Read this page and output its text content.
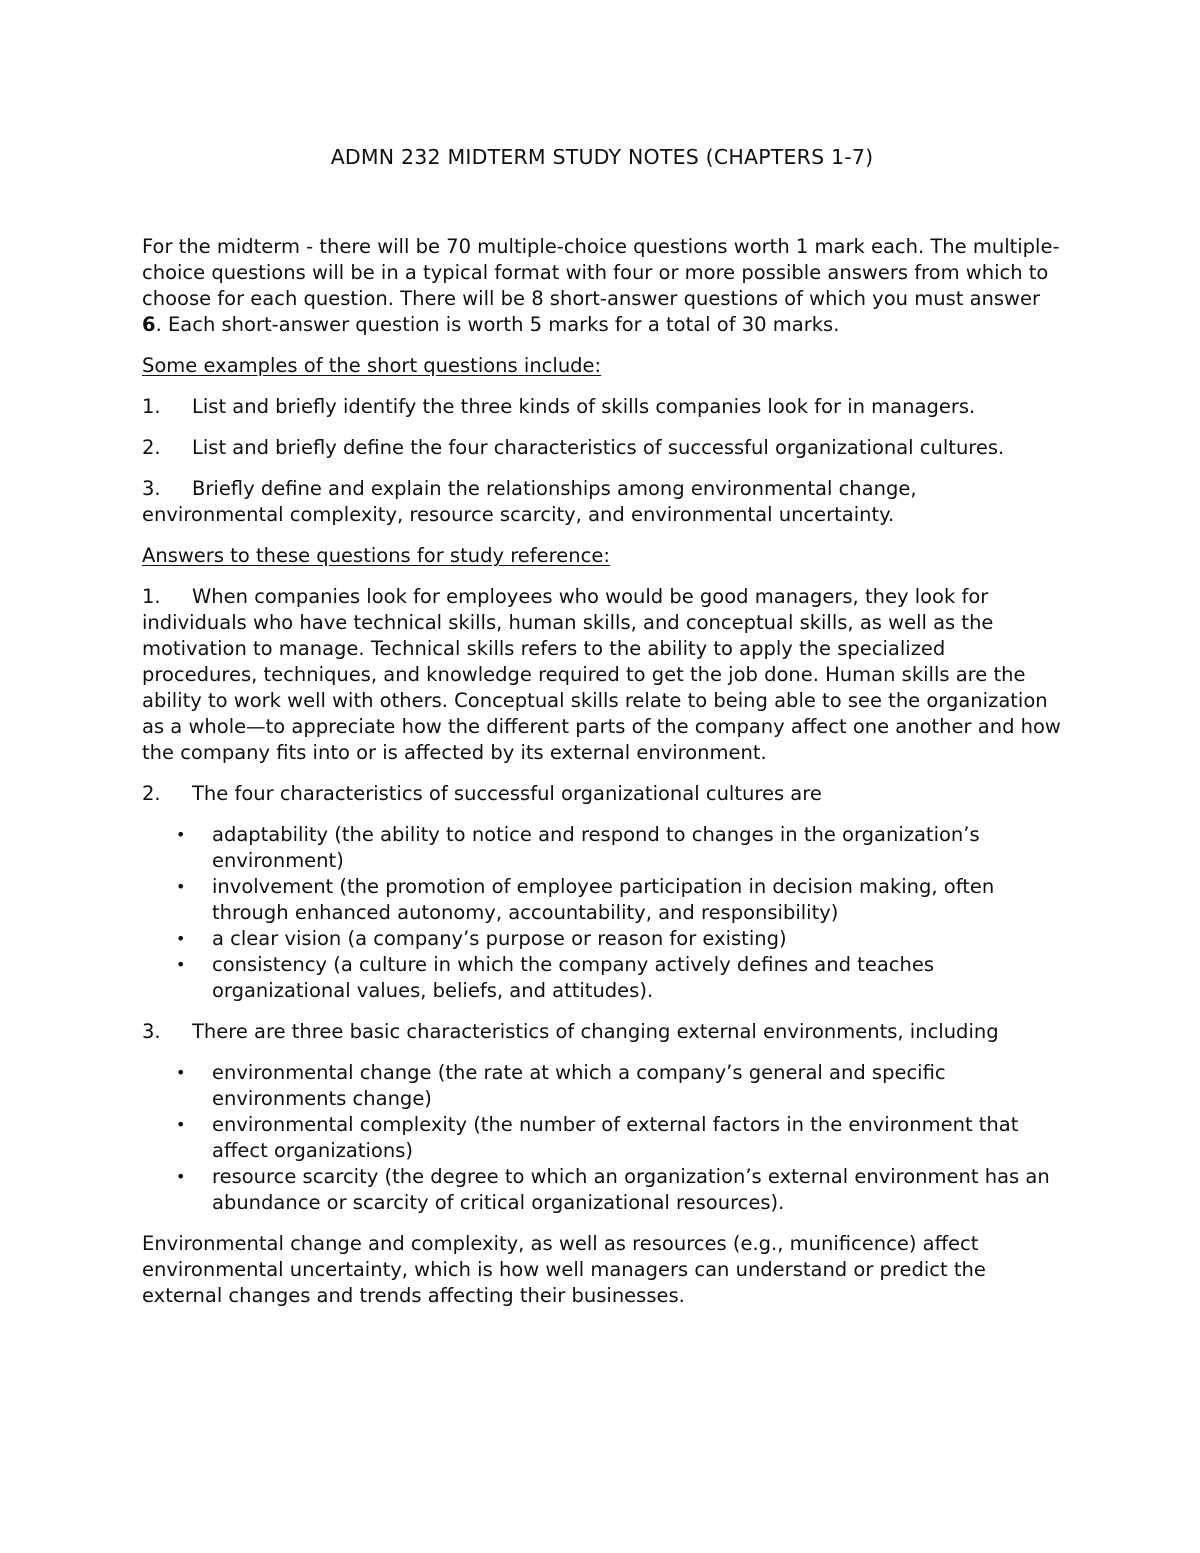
ADMN 232 MIDTERM STUDY NOTES (CHAPTERS 1-7)

For the midterm - there will be 70 multiple-choice questions worth 1 mark each. The multiple-choice questions will be in a typical format with four or more possible answers from which to choose for each question. There will be 8 short-answer questions of which you must answer 6. Each short-answer question is worth 5 marks for a total of 30 marks.

Some examples of the short questions include:

1. List and briefly identify the three kinds of skills companies look for in managers.
2. List and briefly define the four characteristics of successful organizational cultures.
3. Briefly define and explain the relationships among environmental change, environmental complexity, resource scarcity, and environmental uncertainty.

Answers to these questions for study reference:

1. When companies look for employees who would be good managers, they look for individuals who have technical skills, human skills, and conceptual skills, as well as the motivation to manage. Technical skills refers to the ability to apply the specialized procedures, techniques, and knowledge required to get the job done. Human skills are the ability to work well with others. Conceptual skills relate to being able to see the organization as a whole—to appreciate how the different parts of the company affect one another and how the company fits into or is affected by its external environment.
2. The four characteristics of successful organizational cultures are
• adaptability (the ability to notice and respond to changes in the organization’s environment)
• involvement (the promotion of employee participation in decision making, often through enhanced autonomy, accountability, and responsibility)
• a clear vision (a company’s purpose or reason for existing)
• consistency (a culture in which the company actively defines and teaches organizational values, beliefs, and attitudes).
3. There are three basic characteristics of changing external environments, including
• environmental change (the rate at which a company’s general and specific environments change)
• environmental complexity (the number of external factors in the environment that affect organizations)
• resource scarcity (the degree to which an organization’s external environment has an abundance or scarcity of critical organizational resources).

Environmental change and complexity, as well as resources (e.g., munificence) affect environmental uncertainty, which is how well managers can understand or predict the external changes and trends affecting their businesses.
